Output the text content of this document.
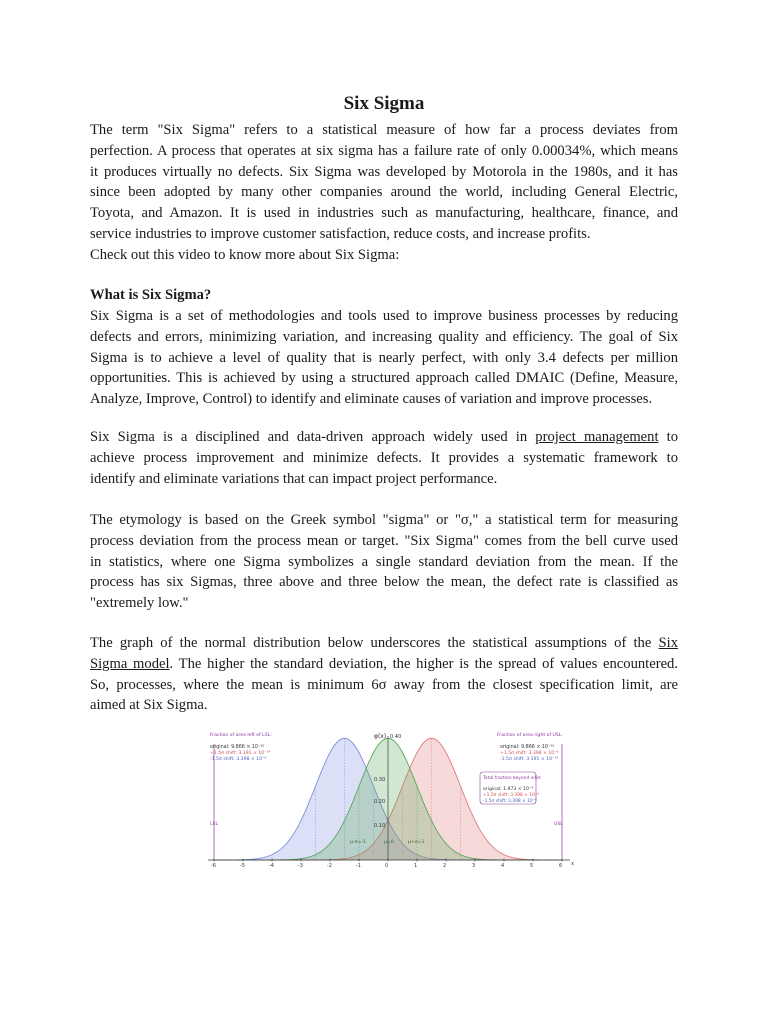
Six Sigma
The term "Six Sigma" refers to a statistical measure of how far a process deviates from
perfection. A process that operates at six sigma has a failure rate of only 0.00034%, which means
it produces virtually no defects. Six Sigma was developed by Motorola in the 1980s, and it has
since been adopted by many other companies around the world, including General Electric,
Toyota, and Amazon. It is used in industries such as manufacturing, healthcare, finance, and
service industries to improve customer satisfaction, reduce costs, and increase profits.
Check out this video to know more about Six Sigma:
What is Six Sigma?
Six Sigma is a set of methodologies and tools used to improve business processes by reducing
defects and errors, minimizing variation, and increasing quality and efficiency. The goal of Six
Sigma is to achieve a level of quality that is nearly perfect, with only 3.4 defects per million
opportunities. This is achieved by using a structured approach called DMAIC (Define, Measure,
Analyze, Improve, Control) to identify and eliminate causes of variation and improve processes.
Six Sigma is a disciplined and data-driven approach widely used in project management to
achieve process improvement and minimize defects. It provides a systematic framework to
identify and eliminate variations that can impact project performance.
The etymology is based on the Greek symbol "sigma" or "σ," a statistical term for measuring
process deviation from the process mean or target. "Six Sigma" comes from the bell curve used
in statistics, where one Sigma symbolizes a single standard deviation from the mean. If the
process has six Sigmas, three above and three below the mean, the defect rate is classified as
"extremely low."
The graph of the normal distribution below underscores the statistical assumptions of the Six
Sigma model. The higher the standard deviation, the higher is the spread of values encountered.
So, processes, where the mean is minimum 6σ away from the closest specification limit, are
aimed at Six Sigma.
φ(x) 0.40
0.30
0.20
0.10
Fraction of area left of LSL:
original: 9.866 × 10⁻¹⁰
+1.5σ shift: 3.191 × 10⁻¹⁴
-1.5σ shift: 3.398 × 10⁻⁶
Fraction of area right of USL:
original: 9.866 × 10⁻¹⁰
+1.5σ shift: 3.398 × 10⁻⁶
-1.5σ shift: 3.191 × 10⁻¹⁴
Total fraction beyond ±6σ:
original: 1.973 × 10⁻⁹
+1.5σ shift: 3.398 × 10⁻⁶
-1.5σ shift: 3.398 × 10⁻⁶
LSL	USL
μ-σ=-1	μ=0	μ+σ=1
-6	-5	-4	-3	-2	-1	0	1	2	3	4	5	6 x
